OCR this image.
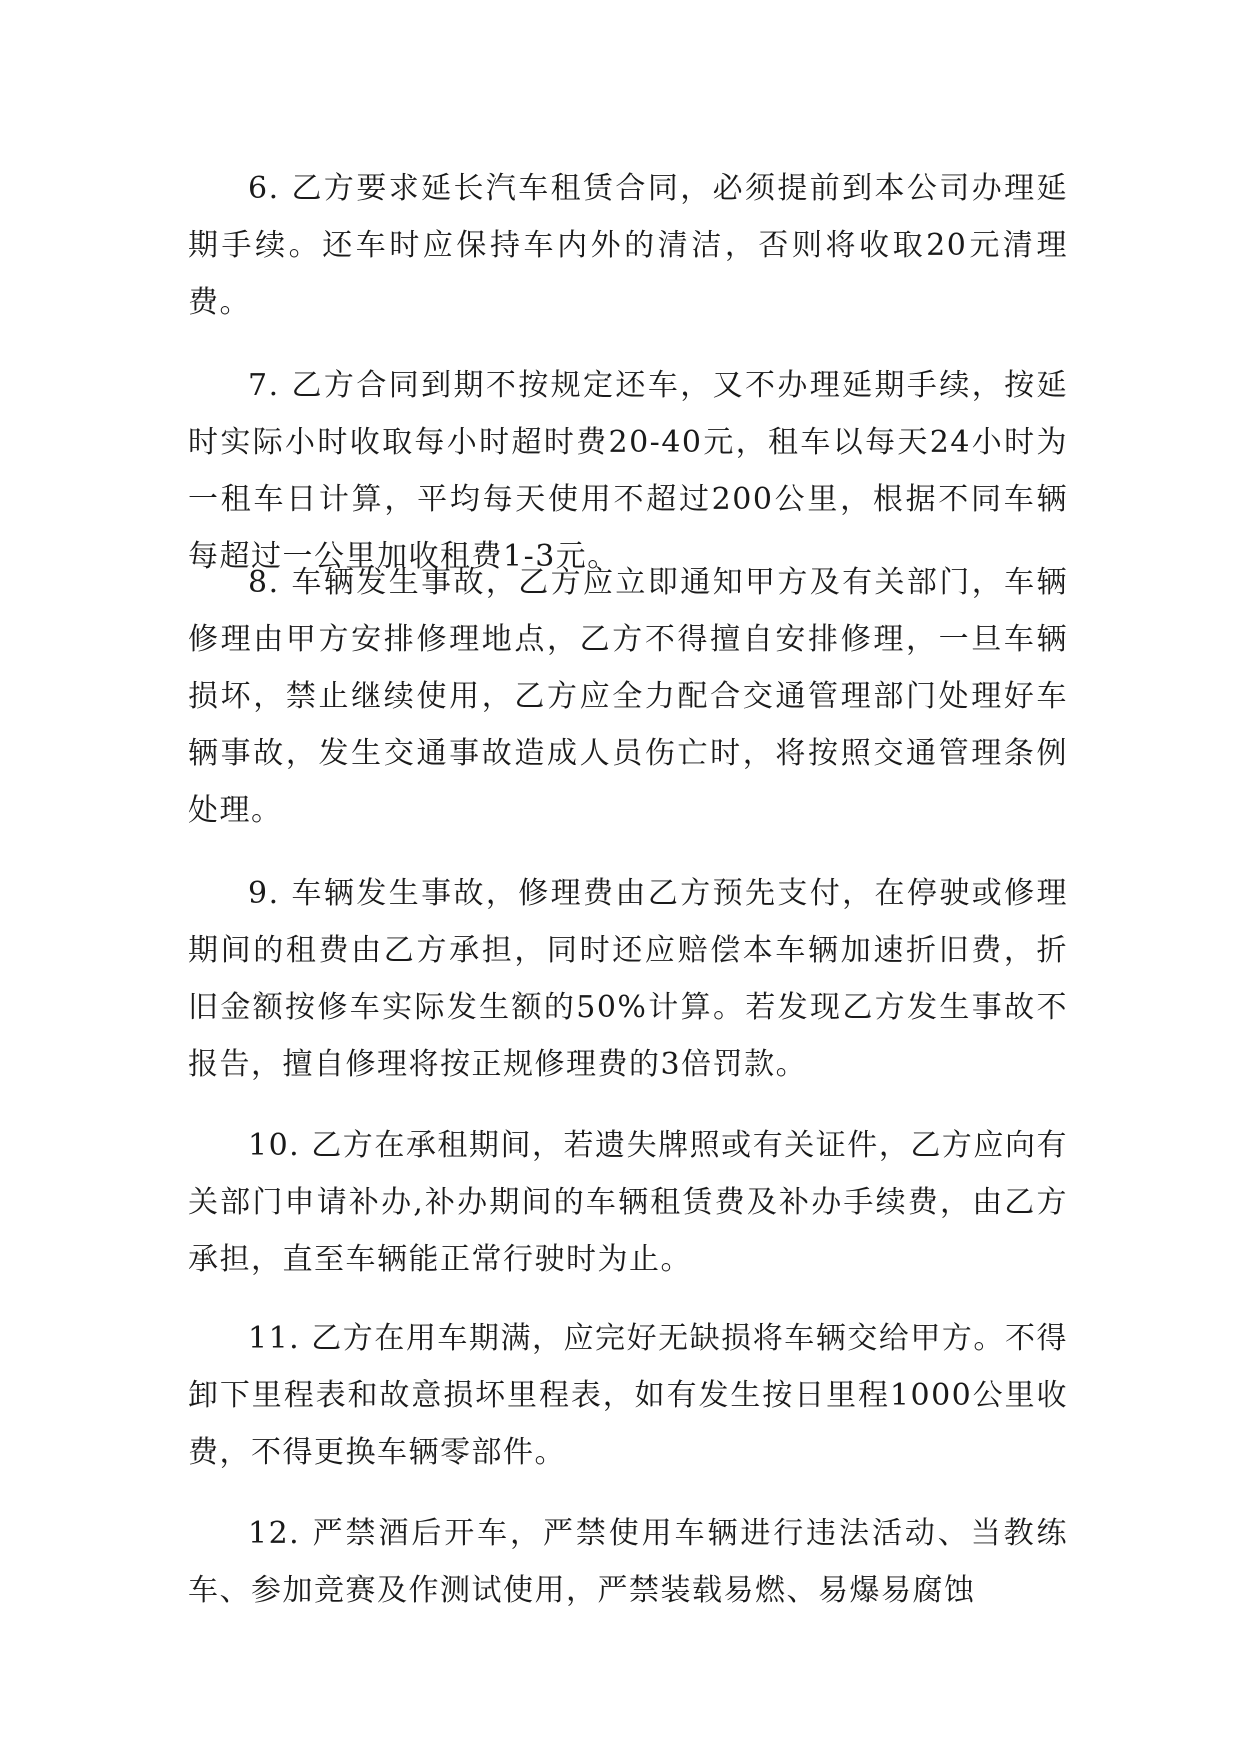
6. 乙方要求延长汽车租赁合同，必须提前到本公司办理延期手续。还车时应保持车内外的清洁，否则将收取20元清理费。

7. 乙方合同到期不按规定还车，又不办理延期手续，按延时实际小时收取每小时超时费20-40元，租车以每天24小时为一租车日计算，平均每天使用不超过200公里，根据不同车辆每超过一公里加收租费1-3元。

8. 车辆发生事故，乙方应立即通知甲方及有关部门，车辆修理由甲方安排修理地点，乙方不得擅自安排修理，一旦车辆损坏，禁止继续使用，乙方应全力配合交通管理部门处理好车辆事故，发生交通事故造成人员伤亡时，将按照交通管理条例处理。

9. 车辆发生事故，修理费由乙方预先支付，在停驶或修理期间的租费由乙方承担，同时还应赔偿本车辆加速折旧费，折旧金额按修车实际发生额的50%计算。若发现乙方发生事故不报告，擅自修理将按正规修理费的3倍罚款。

10. 乙方在承租期间，若遗失牌照或有关证件，乙方应向有关部门申请补办,补办期间的车辆租赁费及补办手续费，由乙方承担，直至车辆能正常行驶时为止。

11. 乙方在用车期满，应完好无缺损将车辆交给甲方。不得卸下里程表和故意损坏里程表，如有发生按日里程1000公里收费，不得更换车辆零部件。

12. 严禁酒后开车，严禁使用车辆进行违法活动、当教练车、参加竞赛及作测试使用，严禁装载易燃、易爆易腐蚀
